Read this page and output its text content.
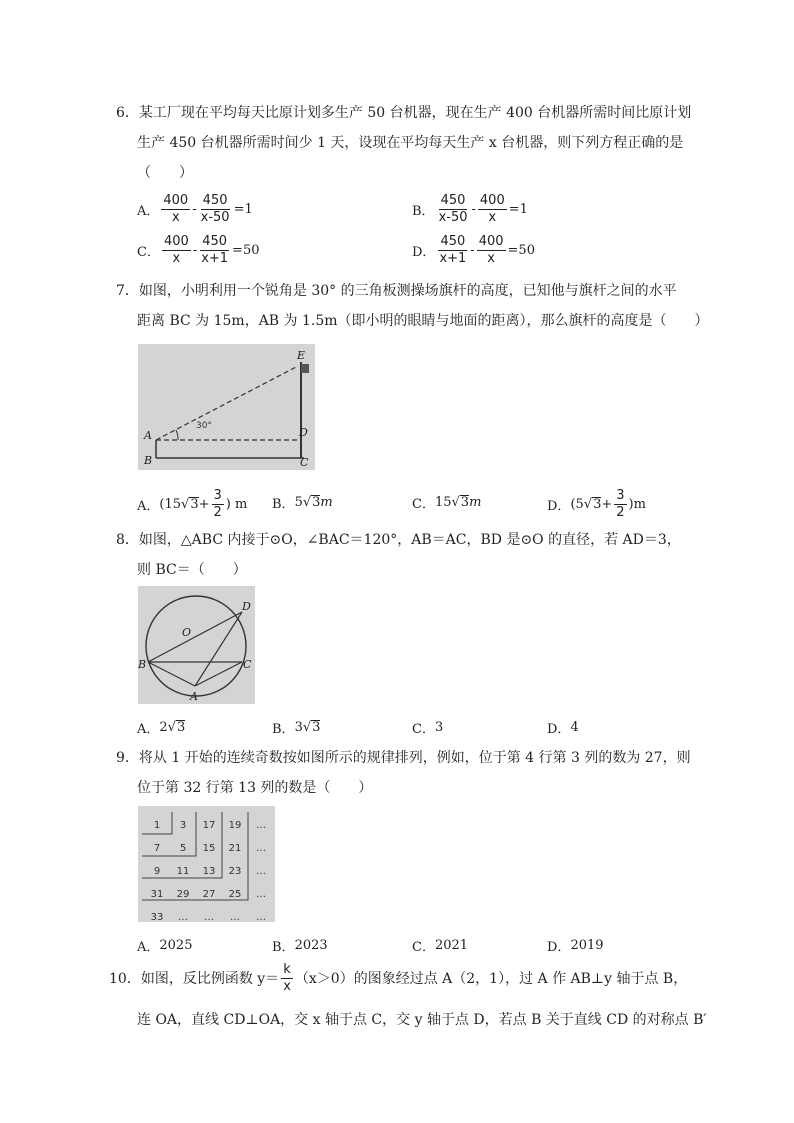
6．某工厂现在平均每天比原计划多生产 50 台机器，现在生产 400 台机器所需时间比原计划
生产 450 台机器所需时间少 1 天，设现在平均每天生产 x 台机器，则下列方程正确的是
（　　）
A． $\frac{400}{x} - \frac{450}{x-50} =1$	B． $\frac{450}{x-50} - \frac{400}{x} =1$
C． $\frac{400}{x} - \frac{450}{x+1} =50$	D． $\frac{450}{x+1} - \frac{400}{x} =50$
7．如图，小明利用一个锐角是 30° 的三角板测操场旗杆的高度，已知他与旗杆之间的水平
距离 BC 为 15m，AB 为 1.5m（即小明的眼睛与地面的距离），那么旗杆的高度是（　　）
30°
A
B	C
D
E
A． (15 √ $3 + \frac{3}{2}$ ) m B． 5 √ 3 m	C． 15 √ 3 m	D． (5 √ $3 + \frac{3}{2} )m$
8．如图，△ABC 内接于⊙O，∠BAC＝120°，AB＝AC，BD 是⊙O 的直径，若 AD＝3，
则 BC＝（　　）
O
B	C
D
A
A． 2 √ 3	B． 3 √ 3	C． 3	D． 4
9．将从 1 开始的连续奇数按如图所示的规律排列，例如，位于第 4 行第 3 列的数为 27，则
位于第 32 行第 13 列的数是（　　）
1	3	17	19	…
7	5	15	21	…
9	11	13	23	…
31	29	27	25	…
33	…	…	…	…
A． 2025	B． 2023	C． 2021	D． 2019
10．如图，反比例函数 $y= \frac{k}{x} (x>0)$的图象经过点 A（2，1），过 A 作 AB⊥y 轴于点 B，
连 OA，直线 CD⊥OA，交 x 轴于点 C，交 y 轴于点 D，若点 B 关于直线 CD 的对称点 B′
